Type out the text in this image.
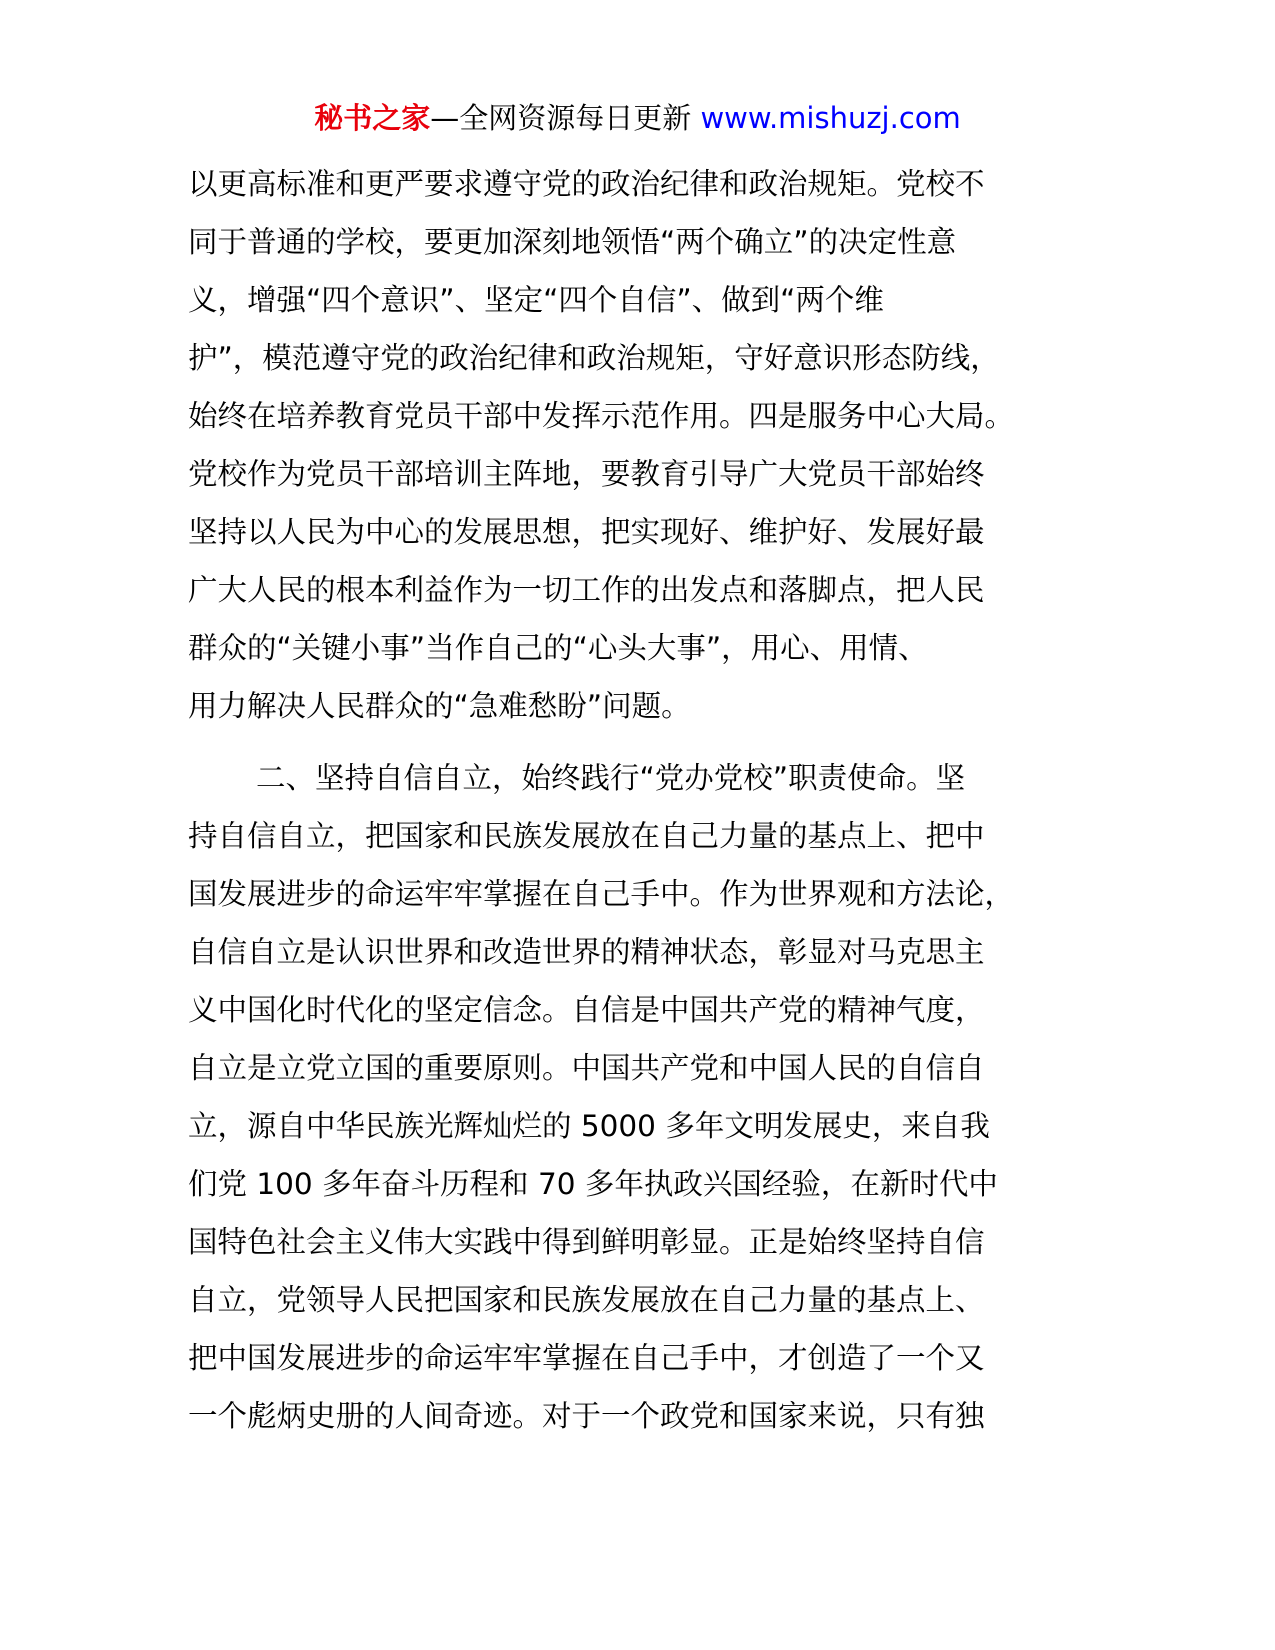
秘书之家—全网资源每日更新 www.mishuzj.com

以更高标准和更严要求遵守党的政治纪律和政治规矩。党校不

同于普通的学校，要更加深刻地领悟“两个确立”的决定性意

义，增强“四个意识”、坚定“四个自信”、做到“两个维

护”，模范遵守党的政治纪律和政治规矩，守好意识形态防线，

始终在培养教育党员干部中发挥示范作用。四是服务中心大局。

党校作为党员干部培训主阵地，要教育引导广大党员干部始终

坚持以人民为中心的发展思想，把实现好、维护好、发展好最

广大人民的根本利益作为一切工作的出发点和落脚点，把人民

群众的“关键小事”当作自己的“心头大事”，用心、用情、

用力解决人民群众的“急难愁盼”问题。

二、坚持自信自立，始终践行“党办党校”职责使命。坚

持自信自立，把国家和民族发展放在自己力量的基点上、把中

国发展进步的命运牢牢掌握在自己手中。作为世界观和方法论，

自信自立是认识世界和改造世界的精神状态，彰显对马克思主

义中国化时代化的坚定信念。自信是中国共产党的精神气度，

自立是立党立国的重要原则。中国共产党和中国人民的自信自

立，源自中华民族光辉灿烂的 5000 多年文明发展史，来自我

们党 100 多年奋斗历程和 70 多年执政兴国经验，在新时代中

国特色社会主义伟大实践中得到鲜明彰显。正是始终坚持自信

自立，党领导人民把国家和民族发展放在自己力量的基点上、

把中国发展进步的命运牢牢掌握在自己手中，才创造了一个又

一个彪炳史册的人间奇迹。对于一个政党和国家来说，只有独
